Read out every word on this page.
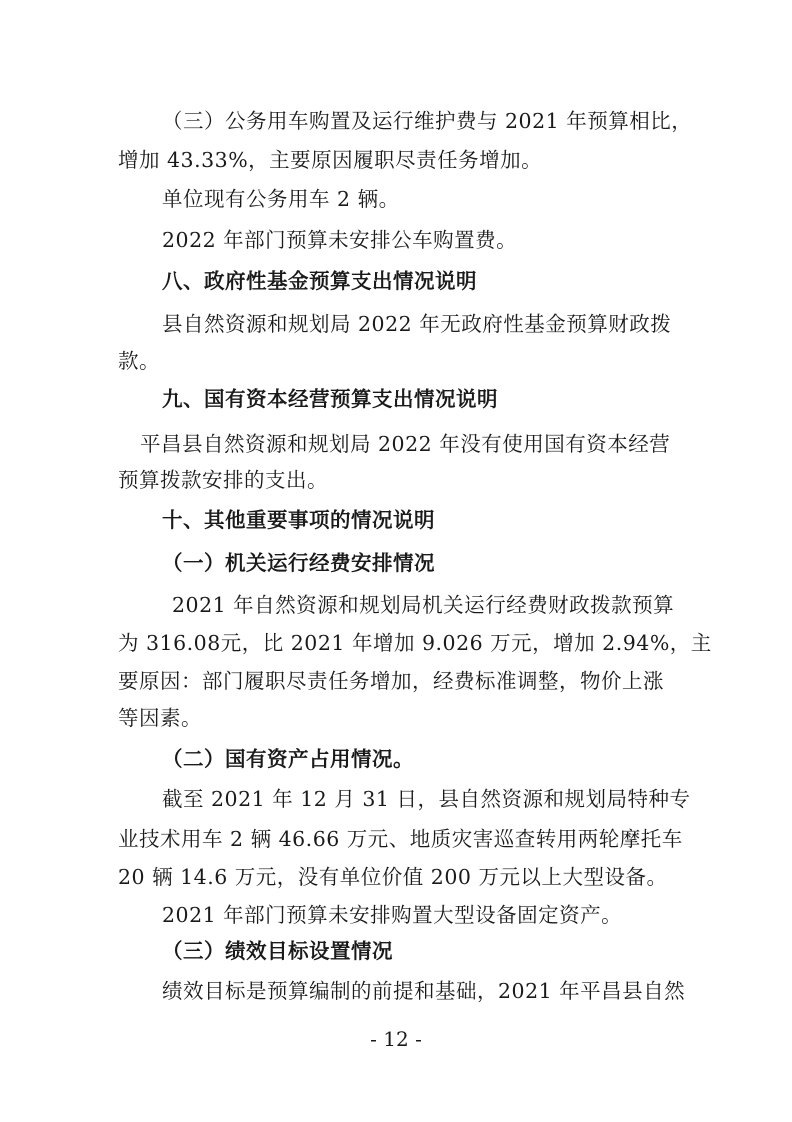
（三）公务用车购置及运行维护费与 2021 年预算相比，
增加 43.33%，主要原因履职尽责任务增加。
单位现有公务用车 2 辆。
2022 年部门预算未安排公车购置费。
八、政府性基金预算支出情况说明
县自然资源和规划局 2022 年无政府性基金预算财政拨
款。
九、国有资本经营预算支出情况说明
平昌县自然资源和规划局 2022 年没有使用国有资本经营
预算拨款安排的支出。
十、其他重要事项的情况说明
（一）机关运行经费安排情况
2021 年自然资源和规划局机关运行经费财政拨款预算
为 316.08元，比 2021 年增加 9.026 万元，增加 2.94%，主
要原因：部门履职尽责任务增加，经费标准调整，物价上涨
等因素。
（二）国有资产占用情况。
截至 2021 年 12 月 31 日，县自然资源和规划局特种专
业技术用车 2 辆 46.66 万元、地质灾害巡查转用两轮摩托车
20 辆 14.6 万元，没有单位价值 200 万元以上大型设备。
2021 年部门预算未安排购置大型设备固定资产。
（三）绩效目标设置情况
绩效目标是预算编制的前提和基础，2021 年平昌县自然
- 12 -
